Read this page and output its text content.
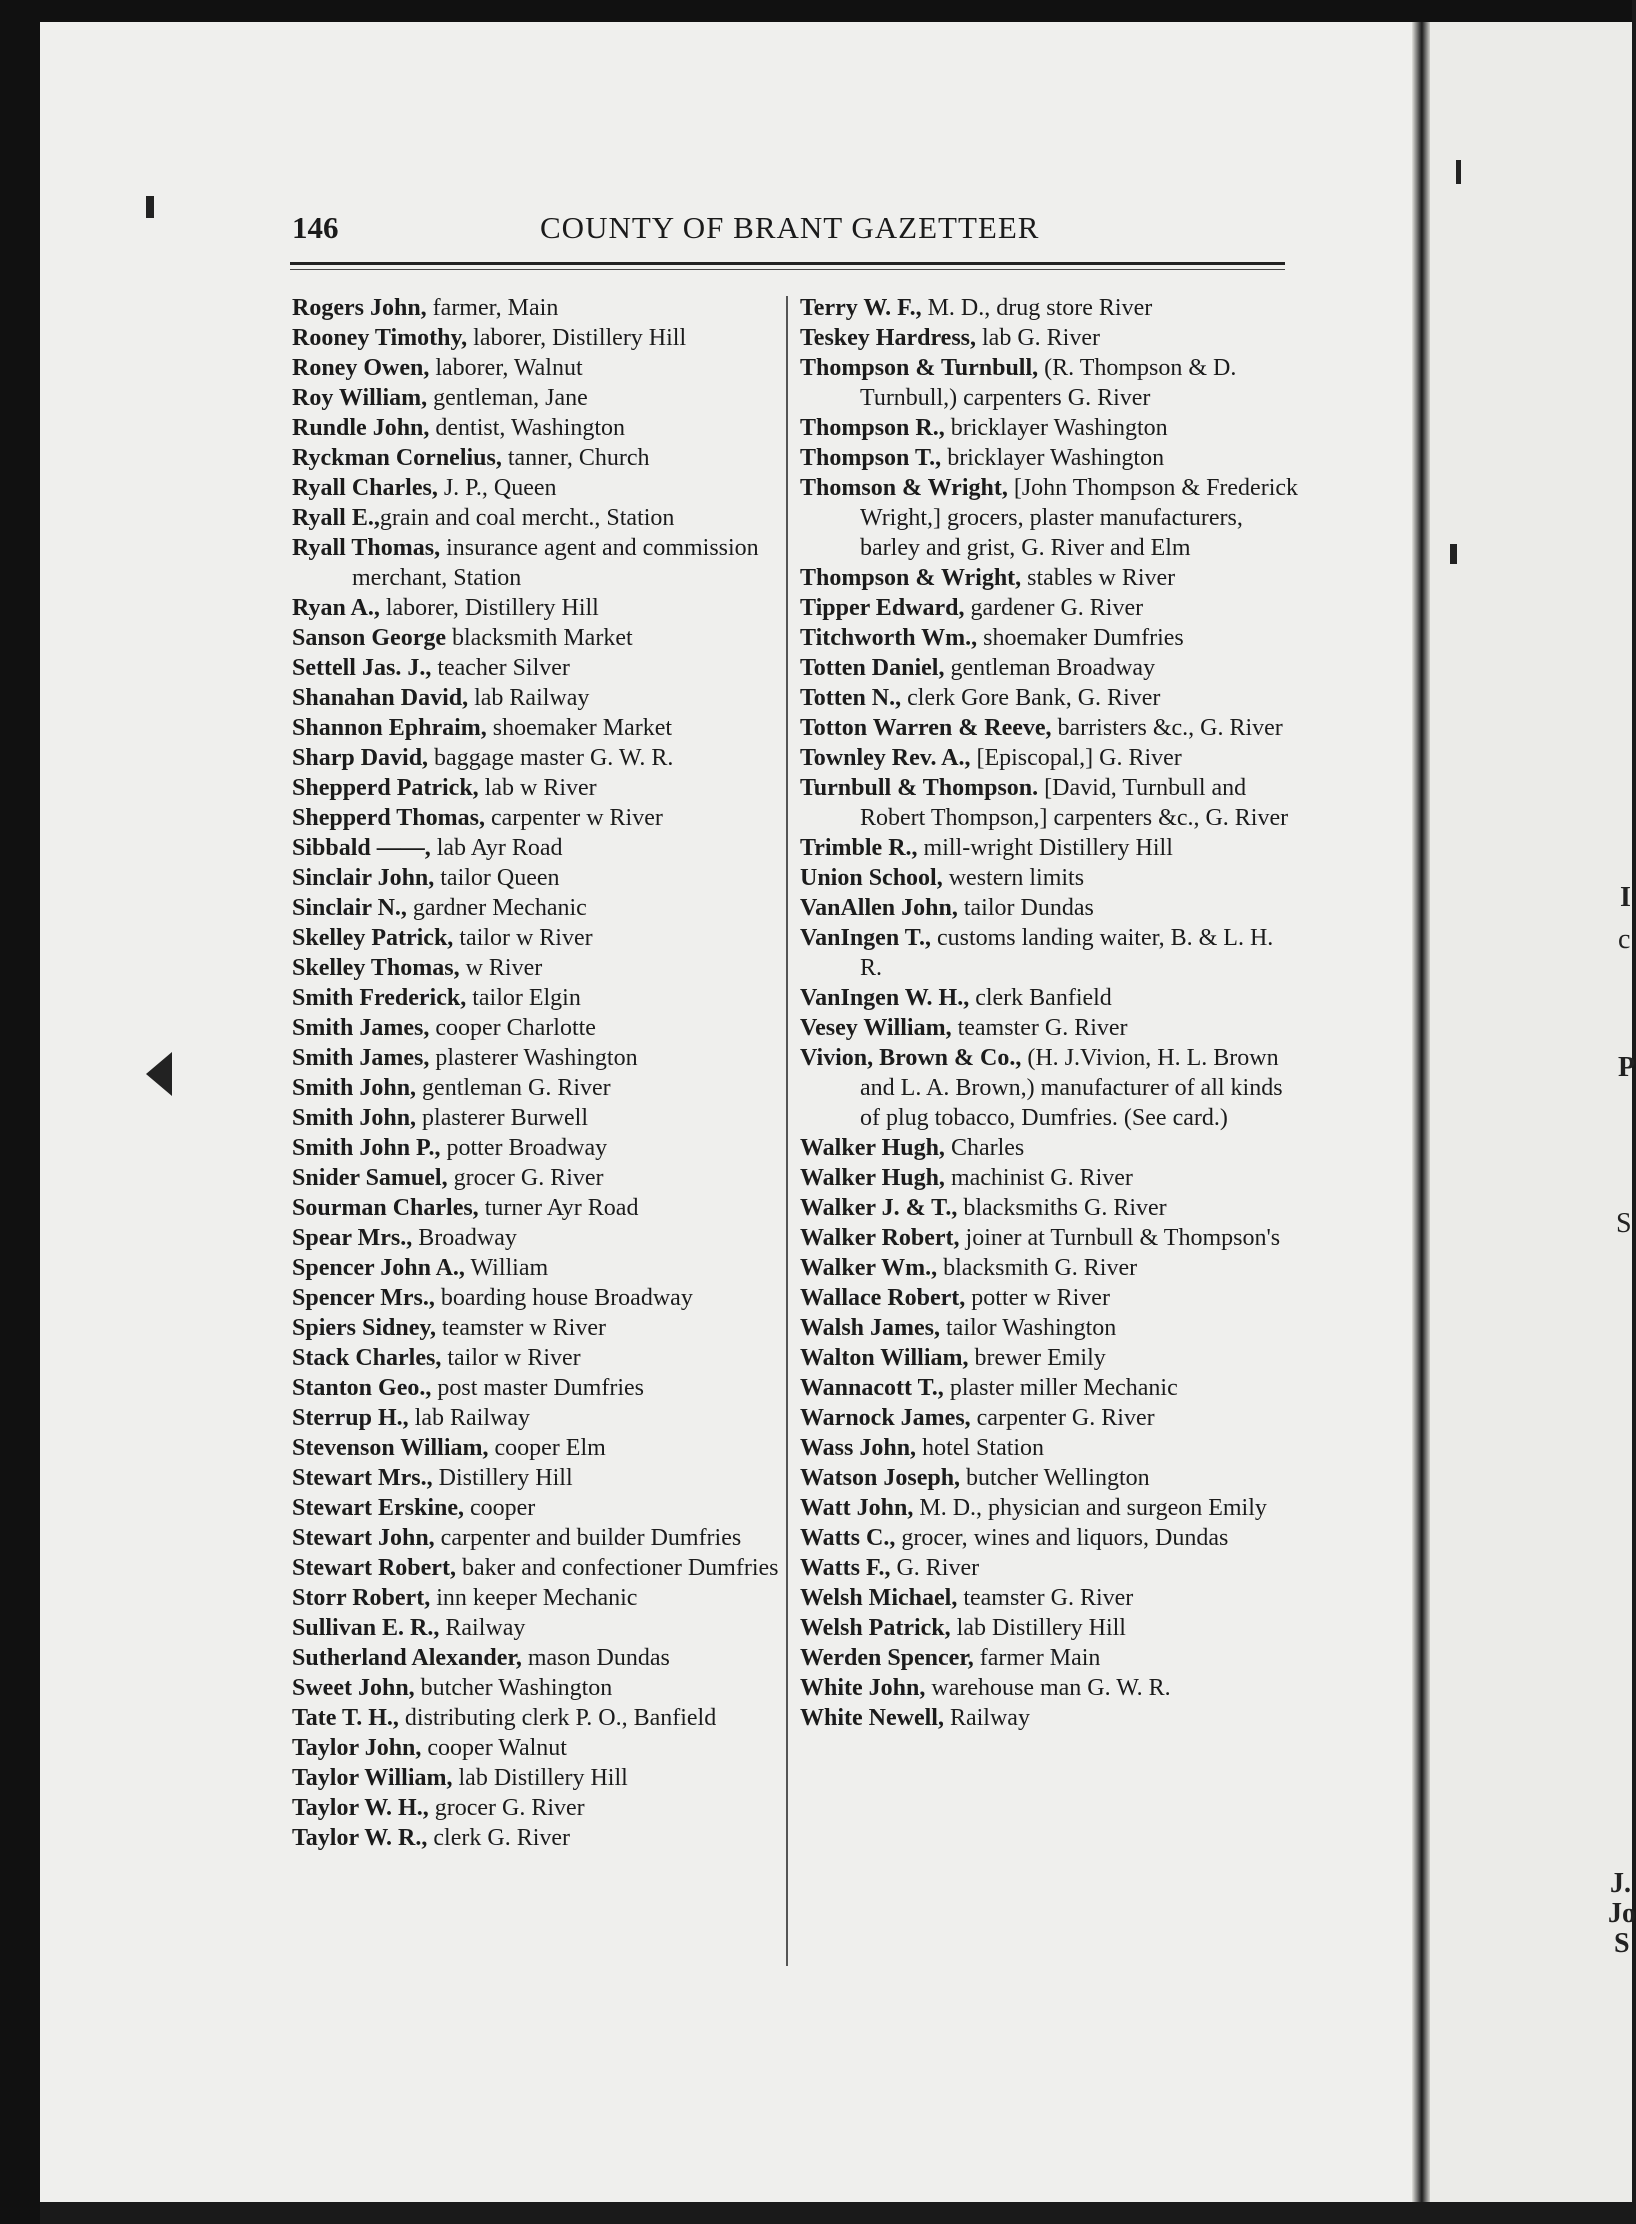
I
c
P
S
J.
Jo
S
146	COUNTY OF BRANT GAZETTEER

Rogers John, farmer, Main

Rooney Timothy, laborer, Distillery Hill

Roney Owen, laborer, Walnut

Roy William, gentleman, Jane

Rundle John, dentist, Washington

Ryckman Cornelius, tanner, Church

Ryall Charles, J. P., Queen

Ryall E.,grain and coal mercht., Station

Ryall Thomas, insurance agent and commission merchant, Station

Ryan A., laborer, Distillery Hill

Sanson George blacksmith Market

Settell Jas. J., teacher Silver

Shanahan David, lab Railway

Shannon Ephraim, shoemaker Market

Sharp David, baggage master G. W. R.

Shepperd Patrick, lab w River

Shepperd Thomas, carpenter w River

Sibbald ——, lab Ayr Road

Sinclair John, tailor Queen

Sinclair N., gardner Mechanic

Skelley Patrick, tailor w River

Skelley Thomas, w River

Smith Frederick, tailor Elgin

Smith James, cooper Charlotte

Smith James, plasterer Washington

Smith John, gentleman G. River

Smith John, plasterer Burwell

Smith John P., potter Broadway

Snider Samuel, grocer G. River

Sourman Charles, turner Ayr Road

Spear Mrs., Broadway

Spencer John A., William

Spencer Mrs., boarding house Broadway

Spiers Sidney, teamster w River

Stack Charles, tailor w River

Stanton Geo., post master Dumfries

Sterrup H., lab Railway

Stevenson William, cooper Elm

Stewart Mrs., Distillery Hill

Stewart Erskine, cooper

Stewart John, carpenter and builder Dumfries

Stewart Robert, baker and confectioner Dumfries

Storr Robert, inn keeper Mechanic

Sullivan E. R., Railway

Sutherland Alexander, mason Dundas

Sweet John, butcher Washington

Tate T. H., distributing clerk P. O., Banfield

Taylor John, cooper Walnut

Taylor William, lab Distillery Hill

Taylor W. H., grocer G. River

Taylor W. R., clerk G. River

Terry W. F., M. D., drug store River

Teskey Hardress, lab G. River

Thompson & Turnbull, (R. Thompson & D. Turnbull,) carpenters G. River

Thompson R., bricklayer Washington

Thompson T., bricklayer Washington

Thomson & Wright, [John Thompson & Frederick Wright,] grocers, plaster manufacturers, barley and grist, G. River and Elm

Thompson & Wright, stables w River

Tipper Edward, gardener G. River

Titchworth Wm., shoemaker Dumfries

Totten Daniel, gentleman Broadway

Totten N., clerk Gore Bank, G. River

Totton Warren & Reeve, barristers &c., G. River

Townley Rev. A., [Episcopal,] G. River

Turnbull & Thompson. [David, Turnbull and Robert Thompson,] carpenters &c., G. River

Trimble R., mill-wright Distillery Hill

Union School, western limits

VanAllen John, tailor Dundas

VanIngen T., customs landing waiter, B. & L. H. R.

VanIngen W. H., clerk Banfield

Vesey William, teamster G. River

Vivion, Brown & Co., (H. J.Vivion, H. L. Brown and L. A. Brown,) manufacturer of all kinds of plug tobacco, Dumfries. (See card.)

Walker Hugh, Charles

Walker Hugh, machinist G. River

Walker J. & T., blacksmiths G. River

Walker Robert, joiner at Turnbull & Thompson's

Walker Wm., blacksmith G. River

Wallace Robert, potter w River

Walsh James, tailor Washington

Walton William, brewer Emily

Wannacott T., plaster miller Mechanic

Warnock James, carpenter G. River

Wass John, hotel Station

Watson Joseph, butcher Wellington

Watt John, M. D., physician and surgeon Emily

Watts C., grocer, wines and liquors, Dundas

Watts F., G. River

Welsh Michael, teamster G. River

Welsh Patrick, lab Distillery Hill

Werden Spencer, farmer Main

White John, warehouse man G. W. R.

White Newell, Railway
